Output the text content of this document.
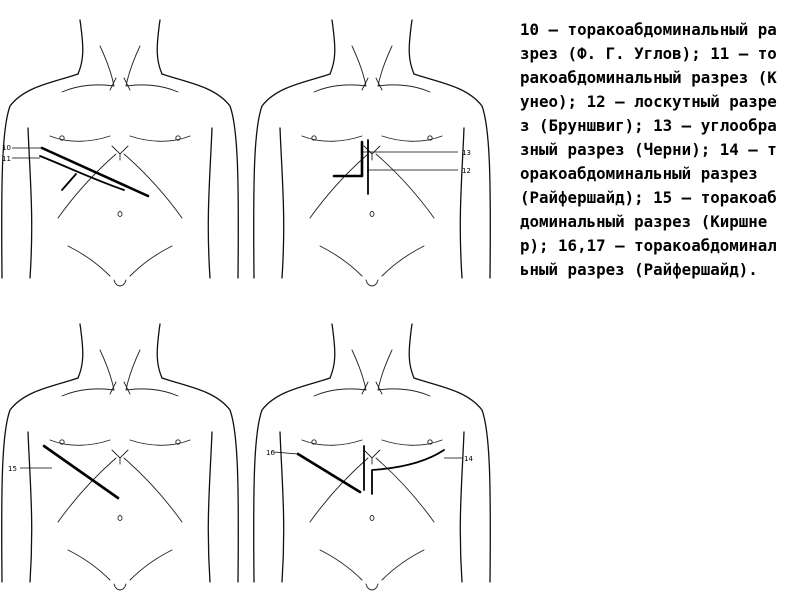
10
11
13
12
15
16
14
10 — торакоабдоминальный разрез (Ф. Г. Углов); 11 — торакоабдоминальный разрез (Кунео); 12 — лоскутный разрез (Бруншвиг); 13 — углообразный разрез (Черни); 14 — торакоабдоминальный разрез (Райфершайд); 15 — торакоабдоминальный разрез (Киршнер); 16,17 — торакоабдоминальный разрез (Райфершайд).
